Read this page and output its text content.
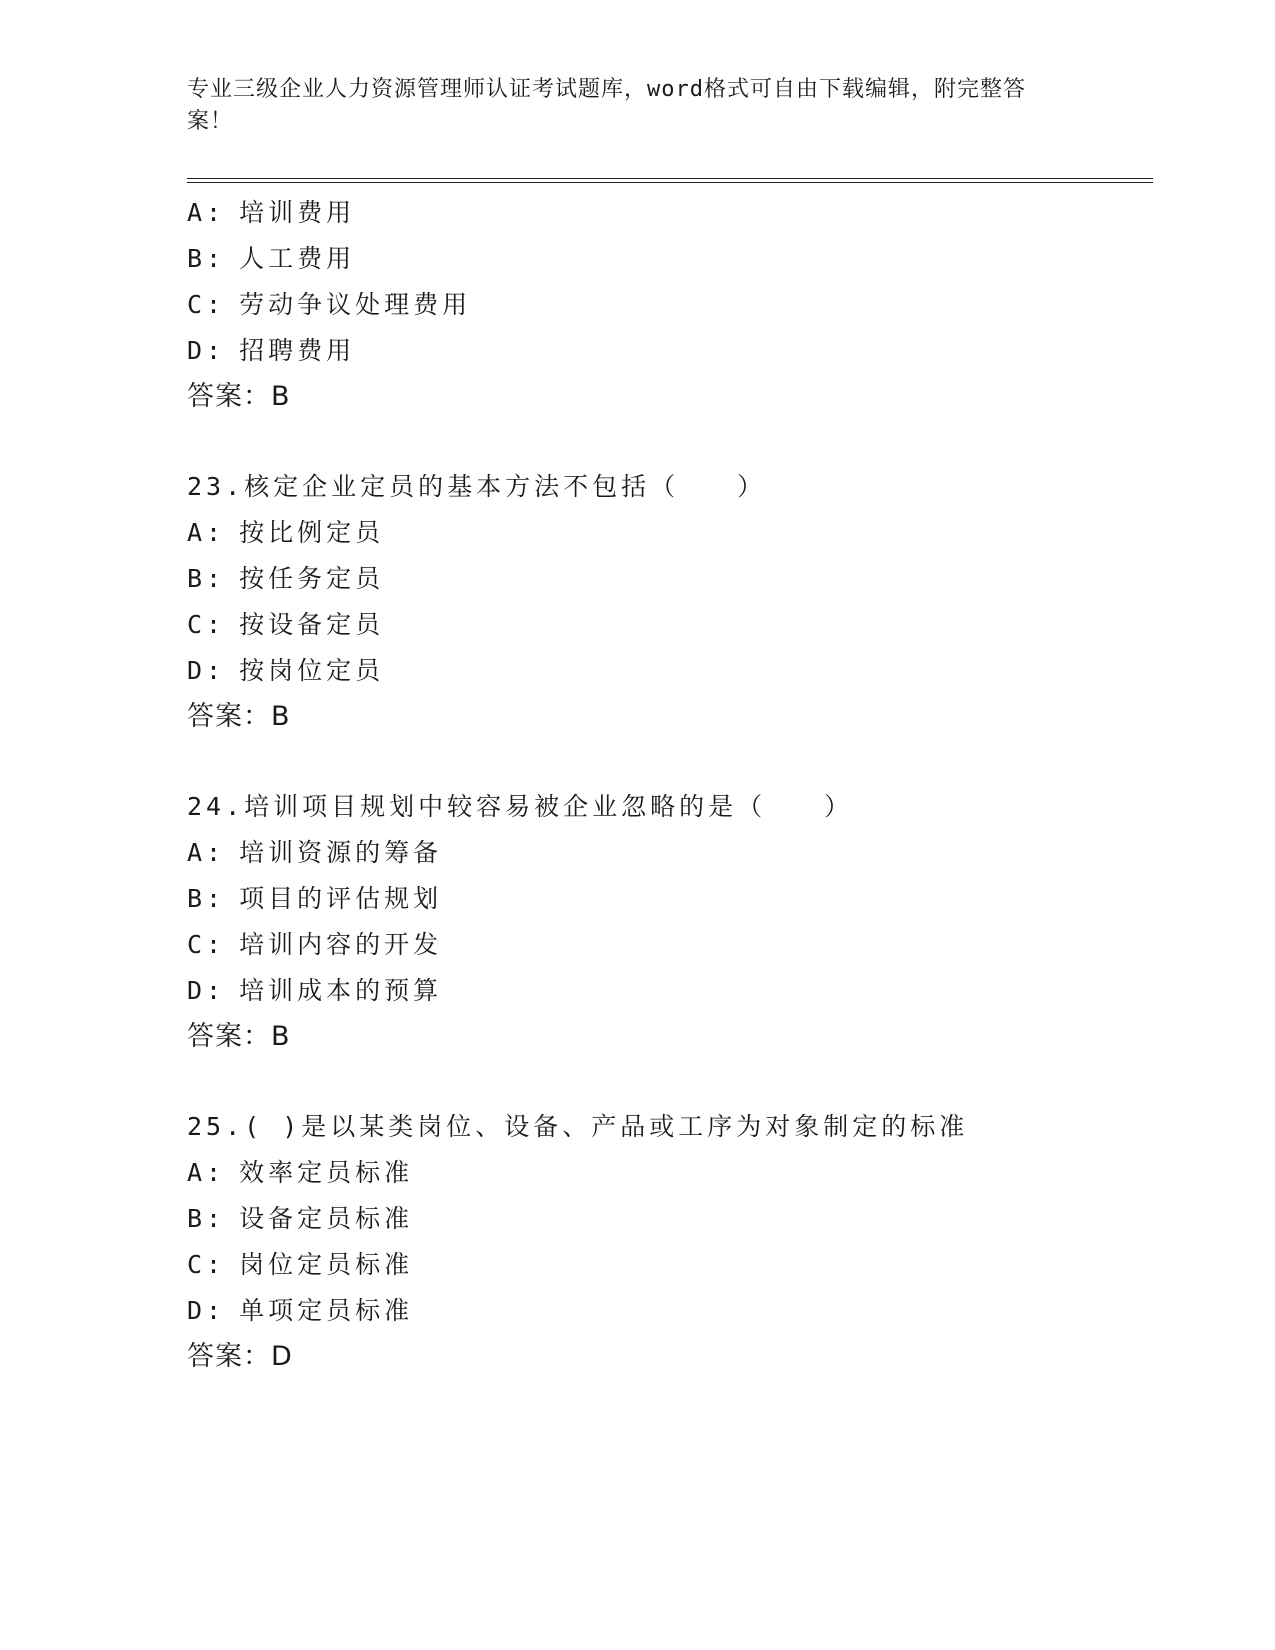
专业三级企业人力资源管理师认证考试题库，word格式可自由下载编辑，附完整答案！
A: 培训费用
B: 人工费用
C: 劳动争议处理费用
D: 招聘费用
答案：B
23.核定企业定员的基本方法不包括（　　）
A: 按比例定员
B: 按任务定员
C: 按设备定员
D: 按岗位定员
答案：B
24.培训项目规划中较容易被企业忽略的是（　　）
A: 培训资源的筹备
B: 项目的评估规划
C: 培训内容的开发
D: 培训成本的预算
答案：B
25.( )是以某类岗位、设备、产品或工序为对象制定的标准
A: 效率定员标准
B: 设备定员标准
C: 岗位定员标准
D: 单项定员标准
答案：D
